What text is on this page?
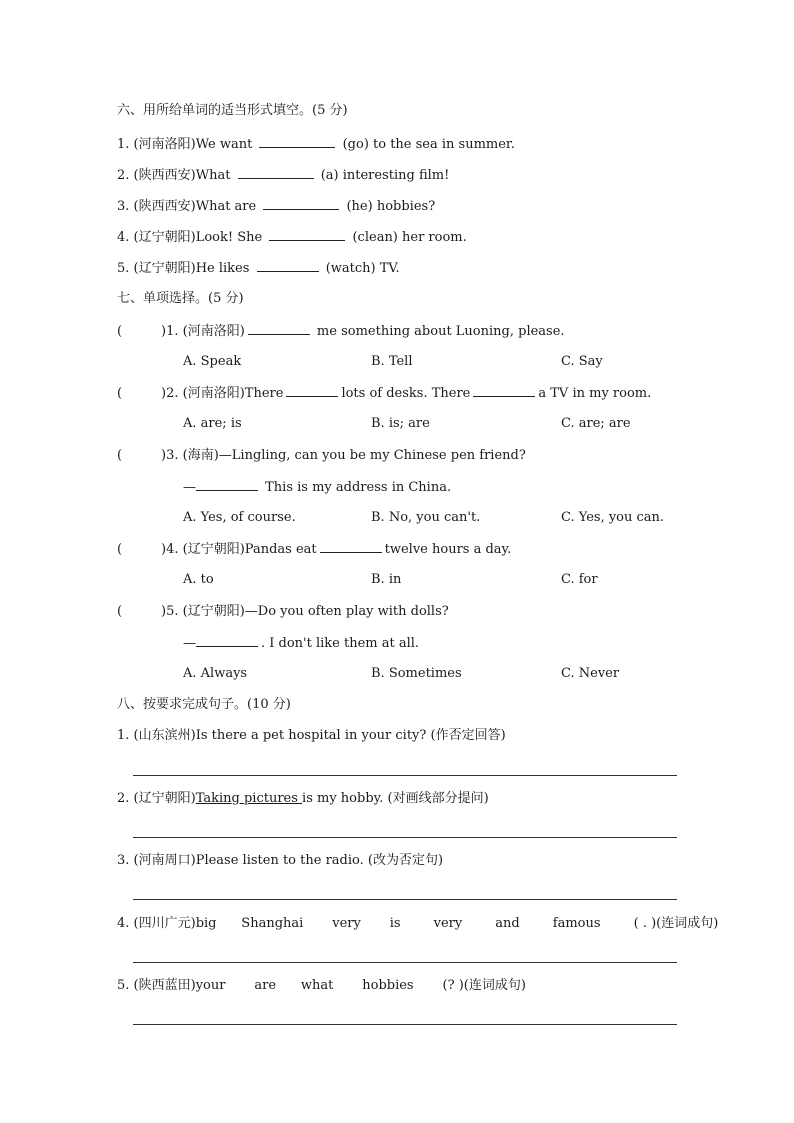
六、用所给单词的适当形式填空。(5 分)
1. (河南洛阳)We want	(go) to the sea in summer.
2. (陕西西安)What	(a) interesting film!
3. (陕西西安)What are	(he) hobbies?
4. (辽宁朝阳)Look! She	(clean) her room.
5. (辽宁朝阳)He likes	(watch) TV.
七、单项选择。(5 分)
(	)1. (河南洛阳)	me something about Luoning, please.
A. Speak	B. Tell	C. Say
(	)2. (河南洛阳)There	lots of desks. There	a TV in my room.
A. are; is	B. is; are	C. are; are
(	)3. (海南)—Lingling, can you be my Chinese pen friend?
—	This is my address in China.
A. Yes, of course.	B. No, you can't.	C. Yes, you can.
(	)4. (辽宁朝阳)Pandas eat	twelve hours a day.
A. to	B. in	C. for
(	)5. (辽宁朝阳)—Do you often play with dolls?
—	. I don't like them at all.
A. Always	B. Sometimes	C. Never
八、按要求完成句子。(10 分)
1. (山东滨州)Is there a pet hospital in your city? (作否定回答)
2. (辽宁朝阳)Taking pictures is my hobby. (对画线部分提问)
3. (河南周口)Please listen to the radio. (改为否定句)
4. (四川广元)big      Shanghai       very       is        very        and        famous        ( . )(连词成句)
5. (陕西蓝田)your       are      what       hobbies       (? )(连词成句)
